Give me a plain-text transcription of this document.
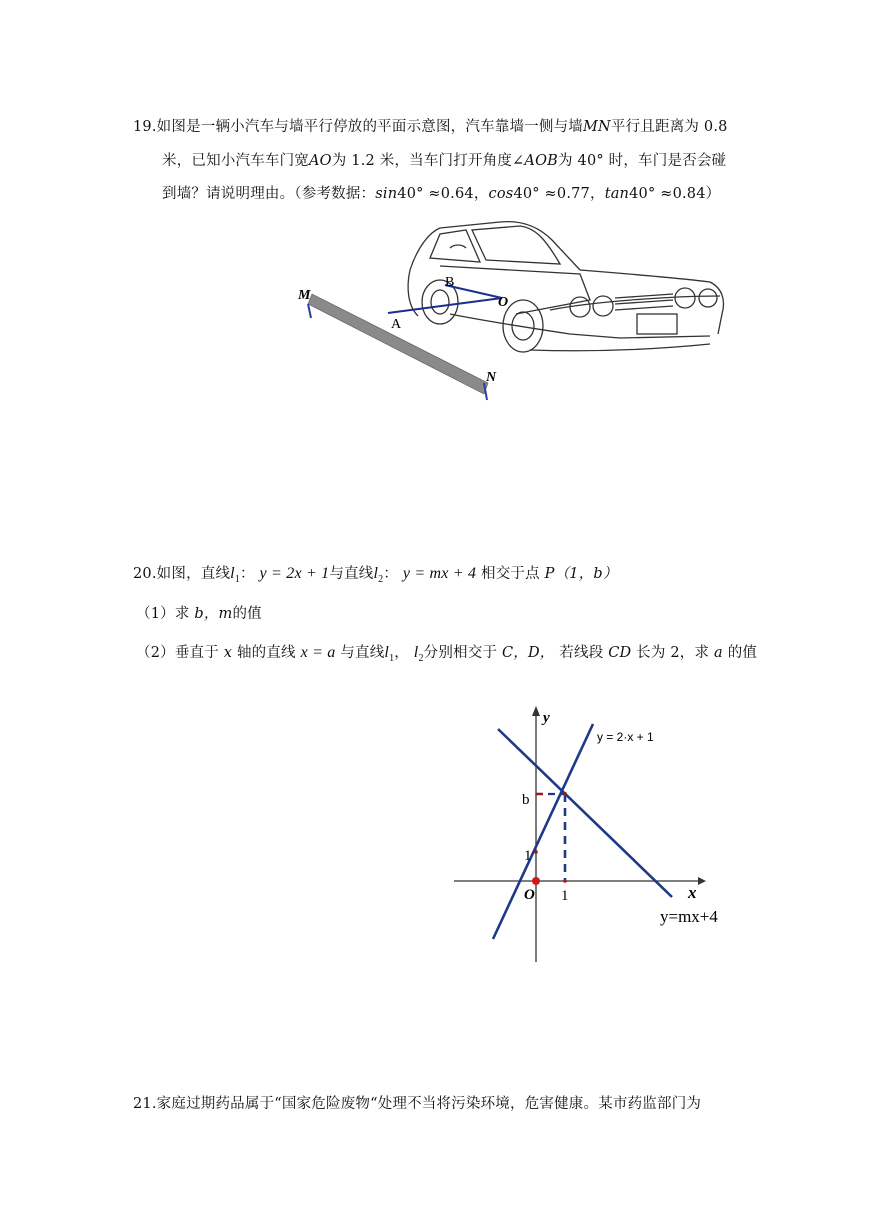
19.如图是一辆小汽车与墙平行停放的平面示意图，汽车靠墙一侧与墙MN平行且距离为 0.8
米，已知小汽车车门宽AO为 1.2 米，当车门打开角度∠AOB为 40° 时，车门是否会碰
到墙？请说明理由。（参考数据：sin40° ≈0.64，cos40° ≈0.77，tan40° ≈0.84）
M
N
B
O
A
20.如图，直线$l_1$： y = 2x + 1与直线$l_2$： y = mx + 4 相交于点 P（1，b）
（1）求 b，m的值
（2）垂直于 x 轴的直线 x = a 与直线$l_1$， $l_2$分别相交于 C，D， 若线段 CD 长为 2，求 a 的值
y
x
b
1
1
O
y = 2·x + 1
y=mx+4
21.家庭过期药品属于“国家危险废物“处理不当将污染环境，危害健康。某市药监部门为
